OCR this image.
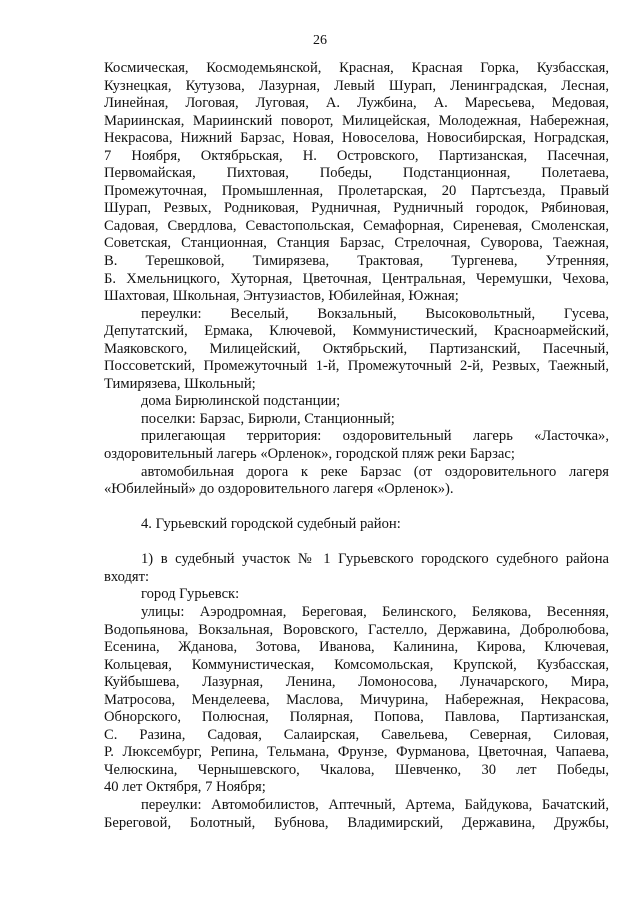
26
Космическая, Космодемьянской, Красная, Красная Горка, Кузбасская,
Кузнецкая, Кутузова, Лазурная, Левый Шурап, Ленинградская, Лесная,
Линейная, Логовая, Луговая, А. Лужбина, А. Маресьева, Медовая,
Мариинская, Мариинский поворот, Милицейская, Молодежная, Набережная,
Некрасова, Нижний Барзас, Новая, Новоселова, Новосибирская, Ноградская,
7 Ноября, Октябрьская, Н. Островского, Партизанская, Пасечная,
Первомайская, Пихтовая, Победы, Подстанционная, Полетаева,
Промежуточная, Промышленная, Пролетарская, 20 Партсъезда, Правый
Шурап, Резвых, Родниковая, Рудничная, Рудничный городок, Рябиновая,
Садовая, Свердлова, Севастопольская, Семафорная, Сиреневая, Смоленская,
Советская, Станционная, Станция Барзас, Стрелочная, Суворова, Таежная,
В. Терешковой, Тимирязева, Трактовая, Тургенева, Утренняя,
Б. Хмельницкого, Хуторная, Цветочная, Центральная, Черемушки, Чехова,
Шахтовая, Школьная, Энтузиастов, Юбилейная, Южная;
переулки: Веселый, Вокзальный, Высоковольтный, Гусева,
Депутатский, Ермака, Ключевой, Коммунистический, Красноармейский,
Маяковского, Милицейский, Октябрьский, Партизанский, Пасечный,
Поссоветский, Промежуточный 1-й, Промежуточный 2-й, Резвых, Таежный,
Тимирязева, Школьный;
дома Бирюлинской подстанции;
поселки: Барзас, Бирюли, Станционный;
прилегающая территория: оздоровительный лагерь «Ласточка»,
оздоровительный лагерь «Орленок», городской пляж реки Барзас;
автомобильная дорога к реке Барзас (от оздоровительного лагеря
«Юбилейный» до оздоровительного лагеря «Орленок»).
4. Гурьевский городской судебный район:
1) в судебный участок № 1 Гурьевского городского судебного района
входят:
город Гурьевск:
улицы: Аэродромная, Береговая, Белинского, Белякова, Весенняя,
Водопьянова, Вокзальная, Воровского, Гастелло, Державина, Добролюбова,
Есенина, Жданова, Зотова, Иванова, Калинина, Кирова, Ключевая,
Кольцевая, Коммунистическая, Комсомольская, Крупской, Кузбасская,
Куйбышева, Лазурная, Ленина, Ломоносова, Луначарского, Мира,
Матросова, Менделеева, Маслова, Мичурина, Набережная, Некрасова,
Обнорского, Полюсная, Полярная, Попова, Павлова, Партизанская,
С. Разина, Садовая, Салаирская, Савельева, Северная, Силовая,
Р. Люксембург, Репина, Тельмана, Фрунзе, Фурманова, Цветочная, Чапаева,
Челюскина, Чернышевского, Чкалова, Шевченко, 30 лет Победы,
40 лет Октября, 7 Ноября;
переулки: Автомобилистов, Аптечный, Артема, Байдукова, Бачатский,
Береговой, Болотный, Бубнова, Владимирский, Державина, Дружбы,
